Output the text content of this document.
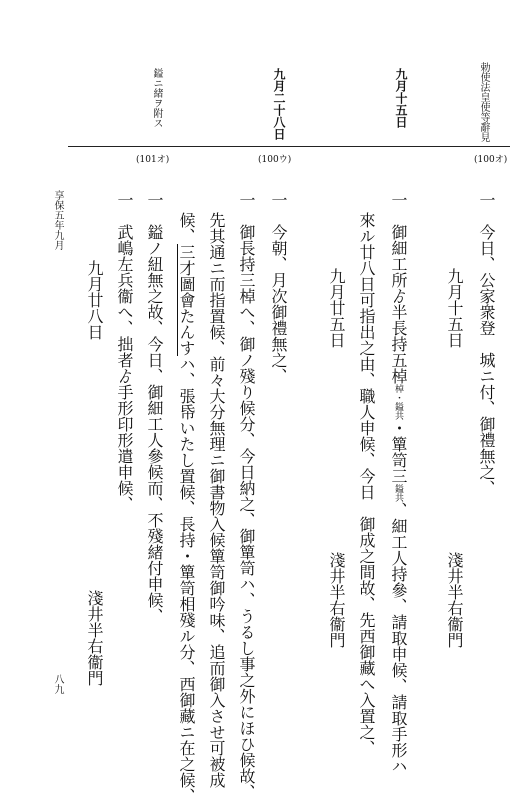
勅使法皇使等辭見
九月十五日
九月二十八日
鎰ニ緒ヲ附ス
(100オ)
(100ウ)
(101オ)
一　今日、公家衆登　城ニ付、御禮無之、
九月十五日
淺井半右衞門
一　御細工所ゟ半長持五棹棹・鎰共・簞笥三鎰共、細工人持參、請取申候、請取手形ハ
來ル廿八日可指出之由、職人申候、今日　御成之間故、先西御藏へ入置之、
九月廿五日
淺井半右衞門
一　今朝、月次御禮無之、
一　御長持三棹へ、御ノ殘り候分、今日納之、御簞笥ハ、うるし事之外にほひ候故、
先其通ニ而指置候、前々大分無理ニ御書物入候簞笥御吟味、追而御入させ可被成
候、三才圖會たんすハ、張帋いたし置候、長持・簞笥相殘ル分、西御藏ニ在之候、
一　鎰ノ紐無之故、今日、御細工人參候而、不殘緒付申候、
一　武嶋左兵衞へ、拙者ゟ手形印形遣申候、
九月廿八日
淺井半右衞門
享保五年九月
八九
